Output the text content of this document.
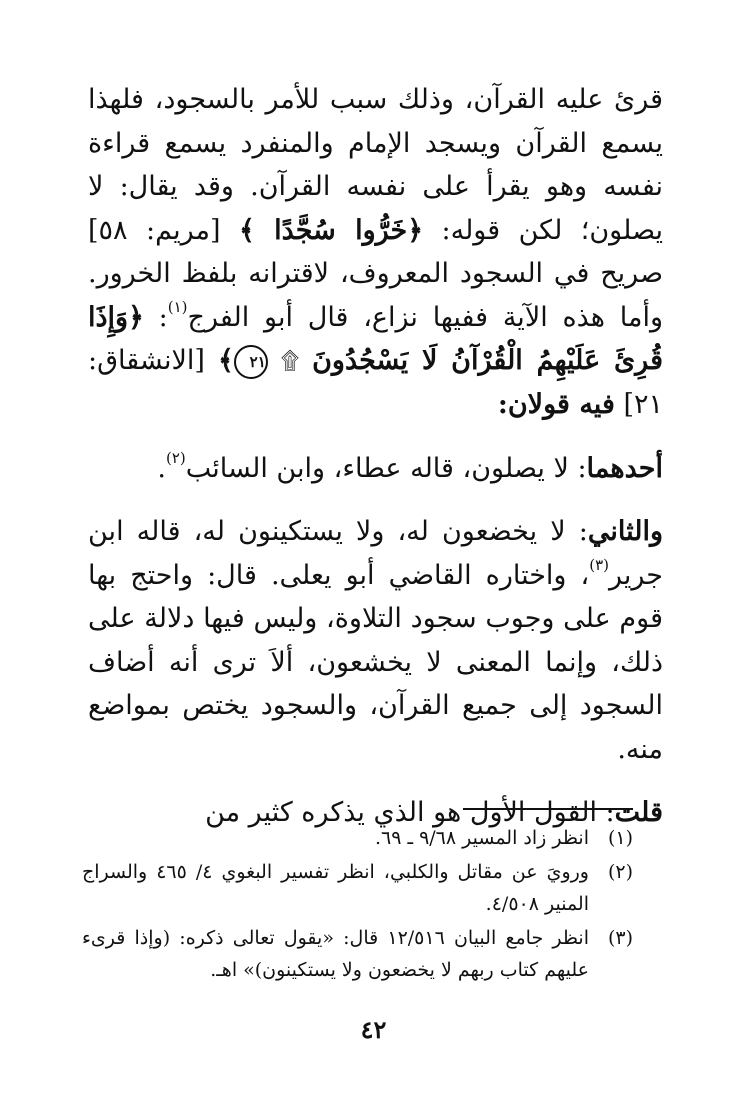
قرئ عليه القرآن، وذلك سبب للأمر بالسجود، فلهذا يسمع القرآن ويسجد الإمام والمنفرد يسمع قراءة نفسه وهو يقرأ على نفسه القرآن. وقد يقال: لا يصلون؛ لكن قوله: ﴿خَرُّوا سُجَّدًا ﴾ [مريم: ٥٨] صريح في السجود المعروف، لاقترانه بلفظ الخرور. وأما هذه الآية ففيها نزاع، قال أبو الفرج$^{(١)}$: ﴿وَإِذَا قُرِئَ عَلَيْهِمُ الْقُرْآنُ لَا يَسْجُدُونَ ۩ ٢١﴾ [الانشقاق: ٢١] فيه قولان:

أحدهما: لا يصلون، قاله عطاء، وابن السائب$^{(٢)}$.

والثاني: لا يخضعون له، ولا يستكينون له، قاله ابن جرير$^{(٣)}$، واختاره القاضي أبو يعلى. قال: واحتج بها قوم على وجوب سجود التلاوة، وليس فيها دلالة على ذلك، وإنما المعنى لا يخشعون، ألاَ ترى أنه أضاف السجود إلى جميع القرآن، والسجود يختص بمواضع منه.

قلت: القول الأول هو الذي يذكره كثير من

(١)
انظر زاد المسير ٩/٦٨ ـ ٦٩.
(٢)
ورويَ عن مقاتل والكلبي، انظر تفسير البغوي ٤/ ٤٦٥ والسراج المنير ٤/٥٠٨.
(٣)
انظر جامع البيان ١٢/٥١٦ قال: «يقول تعالى ذكره: (وإذا قرىء عليهم كتاب ربهم لا يخضعون ولا يستكينون)» اهـ.
٤٢
